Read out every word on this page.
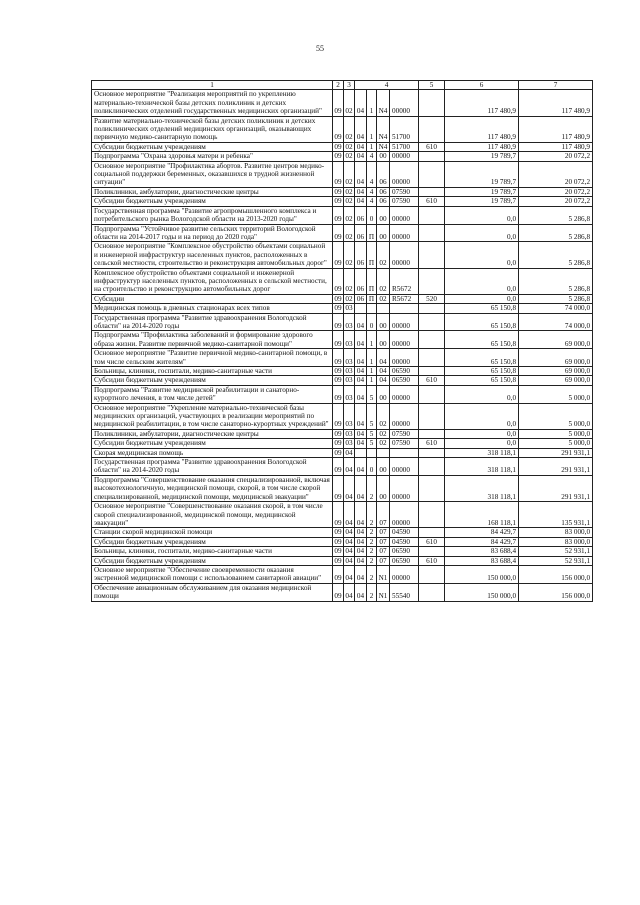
55
1	2	3	4				5	6	7
Основное мероприятие "Реализация мероприятий по укреплению материально-технической базы детских поликлиник и детских поликлинических отделений государственных медицинских организаций"	09	02	04	1	N4	00000		117 480,9	117 480,9
Развитие материально-технической базы детских поликлиник и детских поликлинических отделений медицинских организаций, оказывающих первичную медико-санитарную помощь	09	02	04	1	N4	51700		117 480,9	117 480,9
Субсидии бюджетным учреждениям	09	02	04	1	N4	51700	610	117 480,9	117 480,9
Подпрограмма "Охрана здоровья матери и ребенка"	09	02	04	4	00	00000		19 789,7	20 072,2
Основное мероприятие "Профилактика абортов. Развитие центров медико-социальной поддержки беременных, оказавшихся в трудной жизненной ситуации"	09	02	04	4	06	00000		19 789,7	20 072,2
Поликлиники, амбулатории, диагностические центры	09	02	04	4	06	07590		19 789,7	20 072,2
Субсидии бюджетным учреждениям	09	02	04	4	06	07590	610	19 789,7	20 072,2
Государственная программа "Развитие агропромышленного комплекса и потребительского рынка Вологодской области на 2013-2020 годы"	09	02	06	0	00	00000		0,0	5 286,8
Подпрограмма "Устойчивое развитие сельских территорий Вологодской области на 2014-2017 годы и на период до 2020 года"	09	02	06	П	00	00000		0,0	5 286,8
Основное мероприятие "Комплексное обустройство объектами социальной и инженерной инфраструктур населенных пунктов, расположенных в сельской местности, строительство и реконструкция автомобильных дорог"	09	02	06	П	02	00000		0,0	5 286,8
Комплексное обустройство объектами социальной и инженерной инфраструктур населенных пунктов, расположенных в сельской местности, на строительство и реконструкцию автомобильных дорог	09	02	06	П	02	R5672		0,0	5 286,8
Субсидии	09	02	06	П	02	R5672	520	0,0	5 286,8
Медицинская помощь в дневных стационарах всех типов	09	03						65 150,8	74 000,0
Государственная программа "Развитие здравоохранения Вологодской области" на 2014-2020 годы	09	03	04	0	00	00000		65 150,8	74 000,0
Подпрограмма "Профилактика заболеваний и формирование здорового образа жизни. Развитие первичной медико-санитарной помощи"	09	03	04	1	00	00000		65 150,8	69 000,0
Основное мероприятие "Развитие первичной медико-санитарной помощи, в том числе сельским жителям"	09	03	04	1	04	00000		65 150,8	69 000,0
Больницы, клиники, госпитали, медико-санитарные части	09	03	04	1	04	06590		65 150,8	69 000,0
Субсидии бюджетным учреждениям	09	03	04	1	04	06590	610	65 150,8	69 000,0
Подпрограмма "Развитие медицинской реабилитации и санаторно-курортного лечения, в том числе детей"	09	03	04	5	00	00000		0,0	5 000,0
Основное мероприятие "Укрепление материально-технической базы медицинских организаций, участвующих в реализации мероприятий по медицинской реабилитации, в том числе санаторно-курортных учреждений"	09	03	04	5	02	00000		0,0	5 000,0
Поликлиники, амбулатории, диагностические центры	09	03	04	5	02	07590		0,0	5 000,0
Субсидии бюджетным учреждениям	09	03	04	5	02	07590	610	0,0	5 000,0
Скорая медицинская помощь	09	04						318 118,1	291 931,1
Государственная программа "Развитие здравоохранения Вологодской области" на 2014-2020 годы	09	04	04	0	00	00000		318 118,1	291 931,1
Подпрограмма "Совершенствование оказания специализированной, включая высокотехнологичную, медицинской помощи, скорой, в том числе скорой специализированной, медицинской помощи, медицинской эвакуации"	09	04	04	2	00	00000		318 118,1	291 931,1
Основное мероприятие "Совершенствование оказания скорой, в том числе скорой специализированной, медицинской помощи, медицинской эвакуации"	09	04	04	2	07	00000		168 118,1	135 931,1
Станции скорой медицинской помощи	09	04	04	2	07	04590		84 429,7	83 000,0
Субсидии бюджетным учреждениям	09	04	04	2	07	04590	610	84 429,7	83 000,0
Больницы, клиники, госпитали, медико-санитарные части	09	04	04	2	07	06590		83 688,4	52 931,1
Субсидии бюджетным учреждениям	09	04	04	2	07	06590	610	83 688,4	52 931,1
Основное мероприятие "Обеспечение своевременности оказания экстренной медицинской помощи с использованием санитарной авиации"	09	04	04	2	N1	00000		150 000,0	156 000,0
Обеспечение авиационным обслуживанием для оказания медицинской помощи	09	04	04	2	N1	55540		150 000,0	156 000,0
